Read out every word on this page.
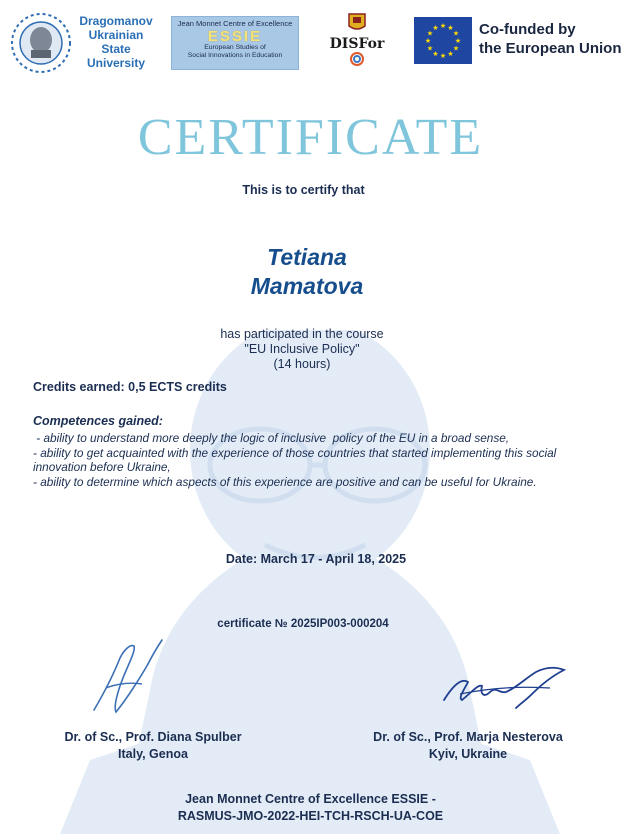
Dragomanov
Ukrainian
State
University
Jean Monnet Centre of Excellence
ESSIE
European Studies of
Social Innovations in Education
DISFor
★ ★
★
★
★
★
★
★
★
★
★
★	Co-funded by
the European Union
CERTIFICATE
This is to certify that
Tetiana
Mamatova
has participated in the course
"EU Inclusive Policy"
(14 hours)
Credits earned: 0,5 ECTS credits
Competences gained:
- ability to understand more deeply the logic of inclusive  policy of the EU in a broad sense,
- ability to get acquainted with the experience of those countries that started implementing this social innovation before Ukraine,
- ability to determine which aspects of this experience are positive and can be useful for Ukraine.
Date: March 17 - April 18, 2025
certificate № 2025IP003-000204
Dr. of Sc., Prof. Diana Spulber
Italy, Genoa
Dr. of Sc., Prof. Marja Nesterova
Kyiv, Ukraine
Jean Monnet Centre of Excellence ESSIE -
RASMUS-JMO-2022-HEI-TCH-RSCH-UA-COE
